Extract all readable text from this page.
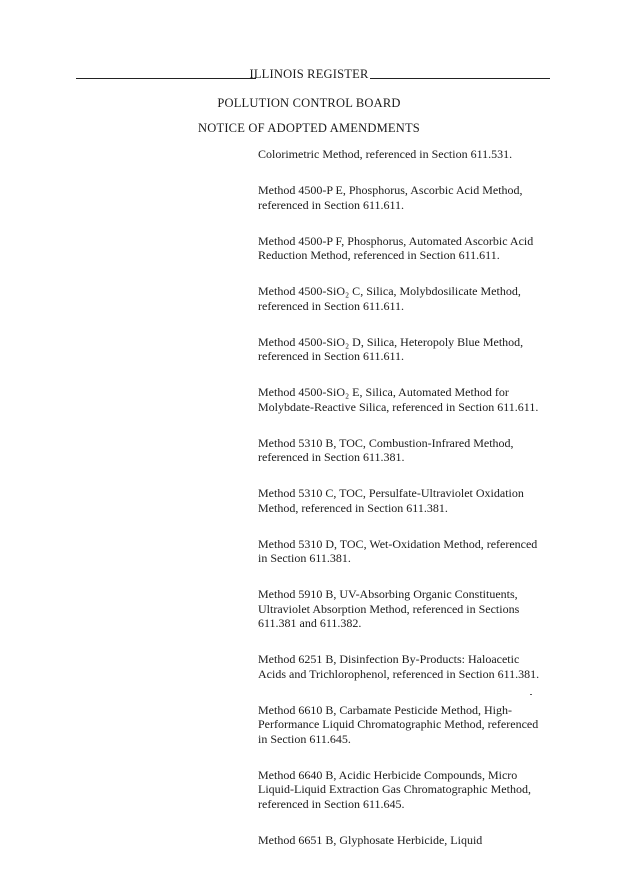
ILLINOIS REGISTER
POLLUTION CONTROL BOARD
NOTICE OF ADOPTED AMENDMENTS
Colorimetric Method, referenced in Section 611.531.
Method 4500-P E, Phosphorus, Ascorbic Acid Method,
referenced in Section 611.611.
Method 4500-P F, Phosphorus, Automated Ascorbic Acid
Reduction Method, referenced in Section 611.611.
Method 4500-SiO₂ C, Silica, Molybdosilicate Method,
referenced in Section 611.611.
Method 4500-SiO₂ D, Silica, Heteropoly Blue Method,
referenced in Section 611.611.
Method 4500-SiO₂ E, Silica, Automated Method for
Molybdate-Reactive Silica, referenced in Section 611.611.
Method 5310 B, TOC, Combustion-Infrared Method,
referenced in Section 611.381.
Method 5310 C, TOC, Persulfate-Ultraviolet Oxidation
Method, referenced in Section 611.381.
Method 5310 D, TOC, Wet-Oxidation Method, referenced
in Section 611.381.
Method 5910 B, UV-Absorbing Organic Constituents,
Ultraviolet Absorption Method, referenced in Sections
611.381 and 611.382.
Method 6251 B, Disinfection By-Products: Haloacetic
Acids and Trichlorophenol, referenced in Section 611.381.
Method 6610 B, Carbamate Pesticide Method, High-
Performance Liquid Chromatographic Method, referenced
in Section 611.645.
Method 6640 B, Acidic Herbicide Compounds, Micro
Liquid-Liquid Extraction Gas Chromatographic Method,
referenced in Section 611.645.
Method 6651 B, Glyphosate Herbicide, Liquid
